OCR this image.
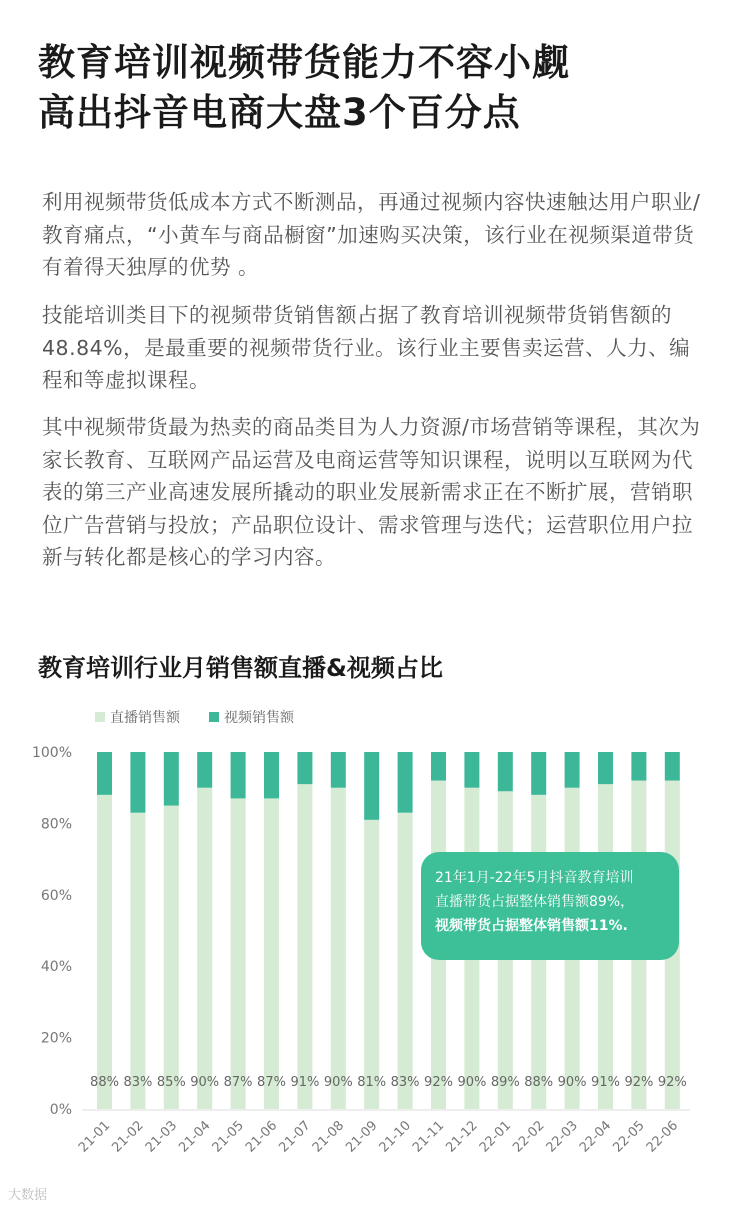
教育培训视频带货能力不容小觑
高出抖音电商大盘3个百分点

利用视频带货低成本方式不断测品，再通过视频内容快速触达用户职业/教育痛点，“小黄车与商品橱窗”加速购买决策，该行业在视频渠道带货有着得天独厚的优势 。

技能培训类目下的视频带货销售额占据了教育培训视频带货销售额的48.84%，是最重要的视频带货行业。该行业主要售卖运营、人力、编程和等虚拟课程。

其中视频带货最为热卖的商品类目为人力资源/市场营销等课程，其次为家长教育、互联网产品运营及电商运营等知识课程，说明以互联网为代表的第三产业高速发展所撬动的职业发展新需求正在不断扩展，营销职位广告营销与投放；产品职位设计、需求管理与迭代；运营职位用户拉新与转化都是核心的学习内容。

教育培训行业月销售额直播&视频占比
直播销售额	视频销售额
0%
20%
40%
60%
80%
100%
88%
21-01
83%
21-02
85%
21-03
90%
21-04
87%
21-05
87%
21-06
91%
21-07
90%
21-08
81%
21-09
83%
21-10
92%
21-11
90%
21-12
89%
22-01
88%
22-02
90%
22-03
91%
22-04
92%
22-05
92%
22-06
21年1月-22年5月抖音教育培训
直播带货占据整体销售额89%，
视频带货占据整体销售额11%.
大数据
